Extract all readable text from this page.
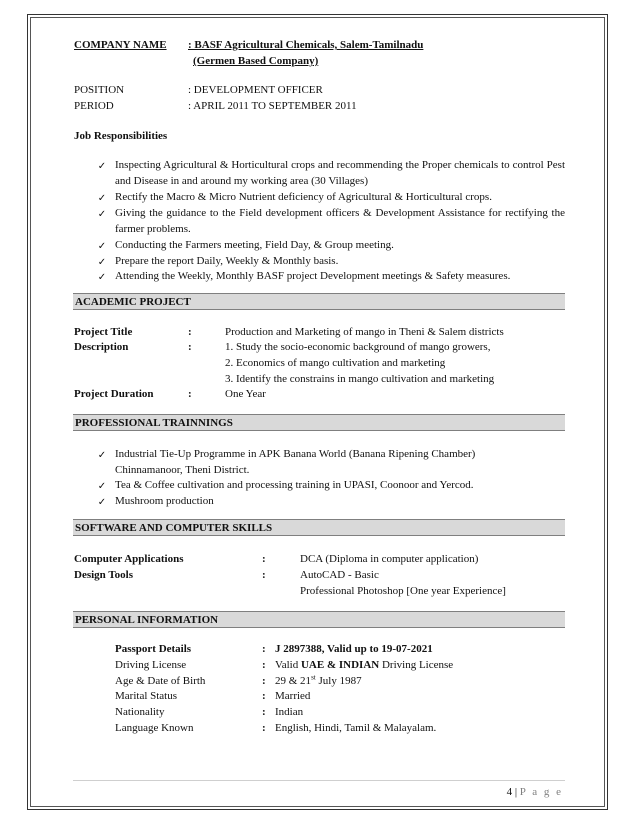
COMPANY NAME : BASF Agricultural Chemicals, Salem-Tamilnadu
(Germen Based Company)
POSITION	: DEVELOPMENT OFFICER
PERIOD	: APRIL 2011 TO SEPTEMBER 2011
Job Responsibilities
✓ Inspecting Agricultural & Horticultural crops and recommending the Proper chemicals to control Pest and Disease in and around my working area (30 Villages)
✓ Rectify the Macro & Micro Nutrient deficiency of Agricultural & Horticultural crops.
✓ Giving the guidance to the Field development officers & Development Assistance for rectifying the farmer problems.
✓ Conducting the Farmers meeting, Field Day, & Group meeting.
✓ Prepare the report Daily, Weekly & Monthly basis.
✓ Attending the Weekly, Monthly BASF project Development meetings & Safety measures.
ACADEMIC PROJECT
Project Title	:	Production and Marketing of mango in Theni & Salem districts
Description	:	1. Study the socio-economic background of mango growers,
2. Economics of mango cultivation and marketing
3. Identify the constrains in mango cultivation and marketing
Project Duration	:	One Year
PROFESSIONAL TRAINNINGS
✓ Industrial Tie-Up Programme in APK Banana World (Banana Ripening Chamber) Chinnamanoor, Theni District.
✓ Tea & Coffee cultivation and processing training in UPASI, Coonoor and Yercod.
✓ Mushroom production
SOFTWARE AND COMPUTER SKILLS
Computer Applications	:	DCA (Diploma in computer application)
Design Tools	:	AutoCAD - Basic
Professional Photoshop [One year Experience]
PERSONAL INFORMATION
Passport Details	: J 2897388, Valid up to 19-07-2021
Driving License	: Valid UAE & INDIAN Driving License
Age & Date of Birth	: 29 & 21st July 1987
Marital Status	: Married
Nationality	: Indian
Language Known	: English, Hindi, Tamil & Malayalam.
4 | P a g e
